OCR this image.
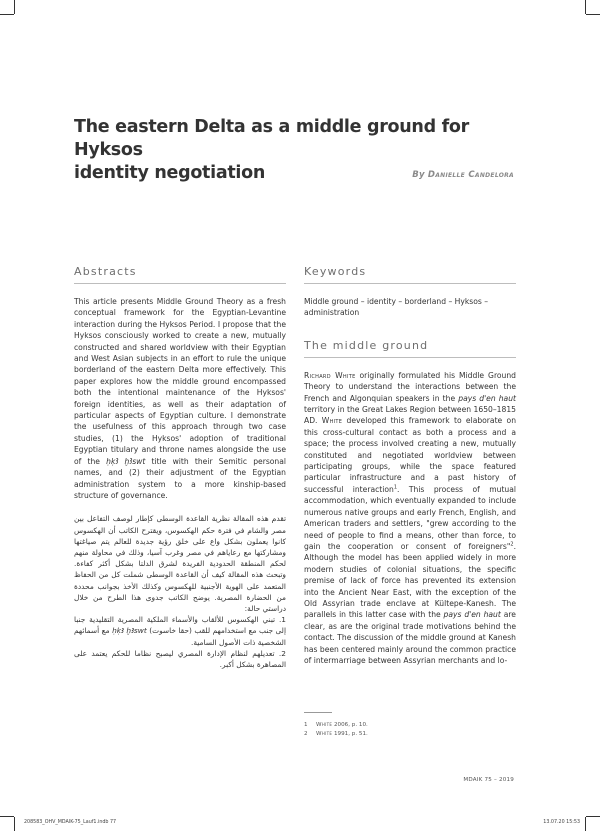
The eastern Delta as a middle ground for Hyksos
identity negotiation	By Danielle Candelora
Abstracts

This article presents Middle Ground Theory as a fresh conceptual framework for the Egyptian-Levantine interaction during the Hyksos Period. I propose that the Hyksos consciously worked to create a new, mutually constructed and shared worldview with their Egyptian and West Asian subjects in an effort to rule the unique borderland of the eastern Delta more effectively. This paper explores how the middle ground encompassed both the intentional maintenance of the Hyksos' foreign identities, as well as their adaptation of particular aspects of Egyptian culture. I demonstrate the usefulness of this approach through two case studies, (1) the Hyksos' adoption of traditional Egyptian titulary and throne names alongside the use of the ḥḳꜢ ḫꜢswt title with their Semitic personal names, and (2) their adjustment of the Egyptian administration system to a more kinship-based structure of governance.

تقدم هذه المقالة نظرية القاعدة الوسطى كإطار لوصف التفاعل بين مصر والشام في فترة حكم الهكسوس، ويقترح الكاتب أن الهكسوس كانوا يعملون بشكل واع على خلق رؤية جديدة للعالم يتم صياغتها ومشاركتها مع رعاياهم في مصر وغرب آسيا، وذلك في محاولة منهم لحكم المنطقة الحدودية الفريدة لشرق الدلتا بشكل أكثر كفاءة. وتبحث هذه المقالة كيف أن القاعدة الوسطى شملت كل من الحفاظ المتعمد على الهوية الأجنبية للهكسوس وكذلك الأخذ بجوانب محددة من الحضارة المصرية. يوضح الكاتب جدوى هذا الطرح من خلال دراستي حالة:

1. تبني الهكسوس للألقاب والأسماء الملكية المصرية التقليدية جنبا إلى جنب مع استخدامهم للقب (حقا خاسوت) ḥḳꜢ ḫꜢswt مع أسمائهم الشخصية ذات الأصول السامية.

2. تعديلهم لنظام الإدارة المصري ليصبح نظاما للحكم يعتمد على المصاهرة بشكل أكبر.

Keywords

Middle ground – identity – borderland – Hyksos – administration

The middle ground

Richard White originally formulated his Middle Ground Theory to understand the interactions between the French and Algonquian speakers in the pays d'en haut territory in the Great Lakes Region between 1650–1815 AD. White developed this framework to elaborate on this cross-cultural contact as both a process and a space; the process involved creating a new, mutually constituted and negotiated worldview between participating groups, while the space featured particular infrastructure and a past history of successful interaction$^1$. This process of mutual accommodation, which eventually expanded to include numerous native groups and early French, English, and American traders and settlers, "grew according to the need of people to find a means, other than force, to gain the cooperation or consent of foreigners"$^2$. Although the model has been applied widely in more modern studies of colonial situations, the specific premise of lack of force has prevented its extension into the Ancient Near East, with the exception of the Old Assyrian trade enclave at Kültepe-Kanesh. The parallels in this latter case with the pays d'en haut are clear, as are the original trade motivations behind the contact. The discussion of the middle ground at Kanesh has been centered mainly around the common practice of intermarriage between Assyrian merchants and lo-

1 White 2006, p. 10.
2 White 1991, p. 51.
MDAIK 75 – 2019
208583_OHV_MDAIK-75_Lauf1.indb 77	13.07.20 15:53
